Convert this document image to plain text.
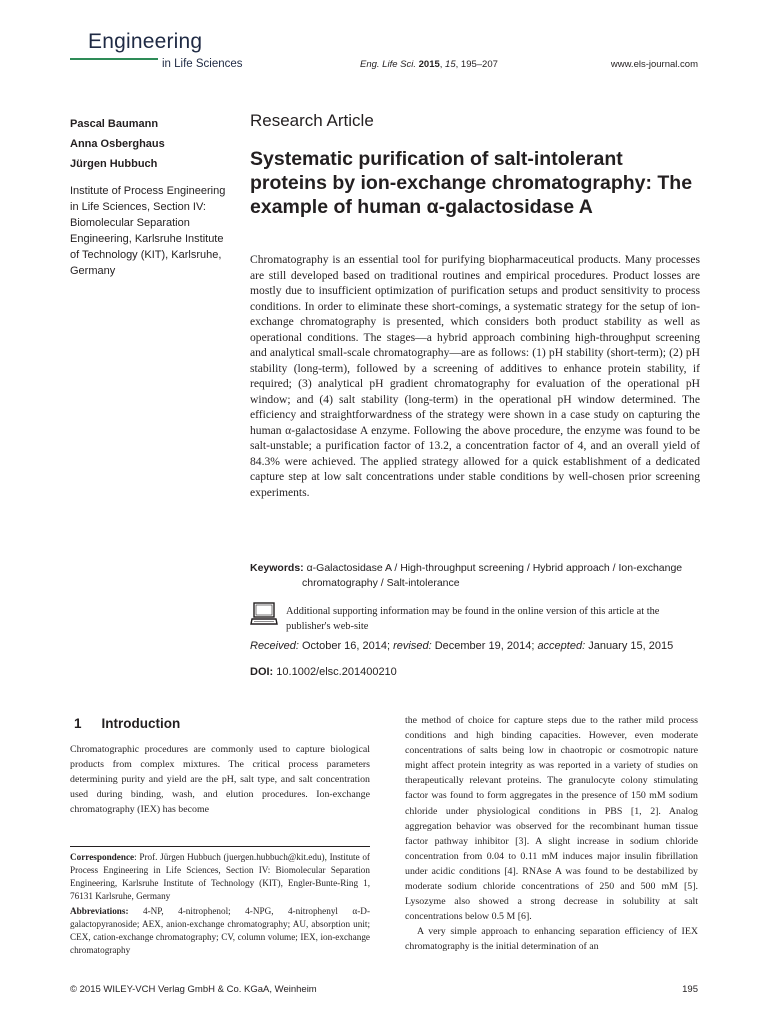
Engineering
in Life Sciences	Eng. Life Sci. 2015, 15, 195–207	www.els-journal.com
Pascal Baumann
Anna Osberghaus
Jürgen Hubbuch
Institute of Process Engineering in Life Sciences, Section IV: Biomolecular Separation Engineering, Karlsruhe Institute of Technology (KIT), Karlsruhe, Germany
Research Article
Systematic purification of salt-intolerant proteins by ion-exchange chromatography: The example of human α-galactosidase A
Chromatography is an essential tool for purifying biopharmaceutical products. Many processes are still developed based on traditional routines and empirical procedures. Product losses are mostly due to insufficient optimization of purification setups and product sensitivity to process conditions. In order to eliminate these short-comings, a systematic strategy for the setup of ion-exchange chromatography is presented, which considers both product stability as well as operational conditions. The stages—a hybrid approach combining high-throughput screening and analytical small-scale chromatography—are as follows: (1) pH stability (short-term); (2) pH stability (long-term), followed by a screening of additives to enhance protein stability, if required; (3) analytical pH gradient chromatography for evaluation of the operational pH window; and (4) salt stability (long-term) in the operational pH window determined. The efficiency and straightforwardness of the strategy were shown in a case study on capturing the human α-galactosidase A enzyme. Following the above procedure, the enzyme was found to be salt-unstable; a purification factor of 13.2, a concentration factor of 4, and an overall yield of 84.3% were achieved. The applied strategy allowed for a quick establishment of a dedicated capture step at low salt concentrations under stable conditions by well-chosen prior screening experiments.
Keywords: α-Galactosidase A / High-throughput screening / Hybrid approach / Ion-exchange
chromatography / Salt-intolerance
Additional supporting information may be found in the online version of this article at the publisher's web-site
Received: October 16, 2014; revised: December 19, 2014; accepted: January 15, 2015
DOI: 10.1002/elsc.201400210
1 Introduction
Chromatographic procedures are commonly used to capture biological products from complex mixtures. The critical process parameters determining purity and yield are the pH, salt type, and salt concentration used during binding, wash, and elution procedures. Ion-exchange chromatography (IEX) has become

Correspondence: Prof. Jürgen Hubbuch (juergen.hubbuch@kit.edu), Institute of Process Engineering in Life Sciences, Section IV: Biomolecular Separation Engineering, Karlsruhe Institute of Technology (KIT), Engler-Bunte-Ring 1, 76131 Karlsruhe, Germany

Abbreviations: 4-NP, 4-nitrophenol; 4-NPG, 4-nitrophenyl α-D-galactopyranoside; AEX, anion-exchange chromatography; AU, absorption unit; CEX, cation-exchange chromatography; CV, column volume; IEX, ion-exchange chromatography

the method of choice for capture steps due to the rather mild process conditions and high binding capacities. However, even moderate concentrations of salts being low in chaotropic or cosmotropic nature might affect protein integrity as was reported in a variety of studies on therapeutically relevant proteins. The granulocyte colony stimulating factor was found to form aggregates in the presence of 150 mM sodium chloride under physiological conditions in PBS [1, 2]. Analog aggregation behavior was observed for the recombinant human tissue factor pathway inhibitor [3]. A slight increase in sodium chloride concentration from 0.04 to 0.11 mM induces major insulin fibrillation under acidic conditions [4]. RNAse A was found to be destabilized by moderate sodium chloride concentrations of 250 and 500 mM [5]. Lysozyme also showed a strong decrease in solubility at salt concentrations below 0.5 M [6].

A very simple approach to enhancing separation efficiency of IEX chromatography is the initial determination of an

© 2015 WILEY-VCH Verlag GmbH & Co. KGaA, Weinheim	195
